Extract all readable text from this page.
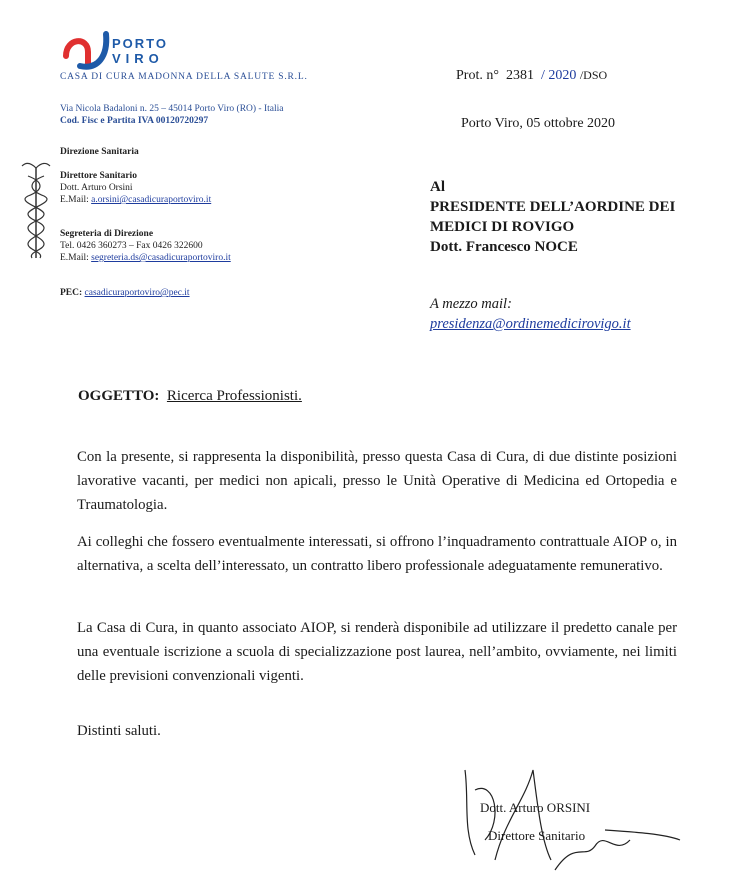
PORTO
VIRO
CASA DI CURA MADONNA DELLA SALUTE S.R.L.
Via Nicola Badaloni n. 25 – 45014 Porto Viro (RO) - Italia
Cod. Fisc e Partita IVA 00120720297
Direzione Sanitaria
Direttore Sanitario
Dott. Arturo Orsini
E.Mail: a.orsini@casadicuraportoviro.it
Segreteria di Direzione
Tel. 0426 360273 – Fax 0426 322600
E.Mail: segreteria.ds@casadicuraportoviro.it
PEC: casadicuraportoviro@pec.it
Prot. n° 2381 / 2020 /DSO
Porto Viro, 05 ottobre 2020
Al
PRESIDENTE DELL’AORDINE DEI
MEDICI DI ROVIGO
Dott. Francesco NOCE
A mezzo mail:
presidenza@ordinemedicirovigo.it
OGGETTO: Ricerca Professionisti.
Con la presente, si rappresenta la disponibilità, presso questa Casa di Cura, di due distinte posizioni lavorative vacanti, per medici non apicali, presso le Unità Operative di Medicina ed Ortopedia e Traumatologia.
Ai colleghi che fossero eventualmente interessati, si offrono l’inquadramento contrattuale AIOP o, in alternativa, a scelta dell’interessato, un contratto libero professionale adeguatamente remunerativo.
La Casa di Cura, in quanto associato AIOP, si renderà disponibile ad utilizzare il predetto canale per una eventuale iscrizione a scuola di specializzazione post laurea, nell’ambito, ovviamente, nei limiti delle previsioni convenzionali vigenti.
Distinti saluti.
Dott. Arturo ORSINI
Direttore Sanitario
